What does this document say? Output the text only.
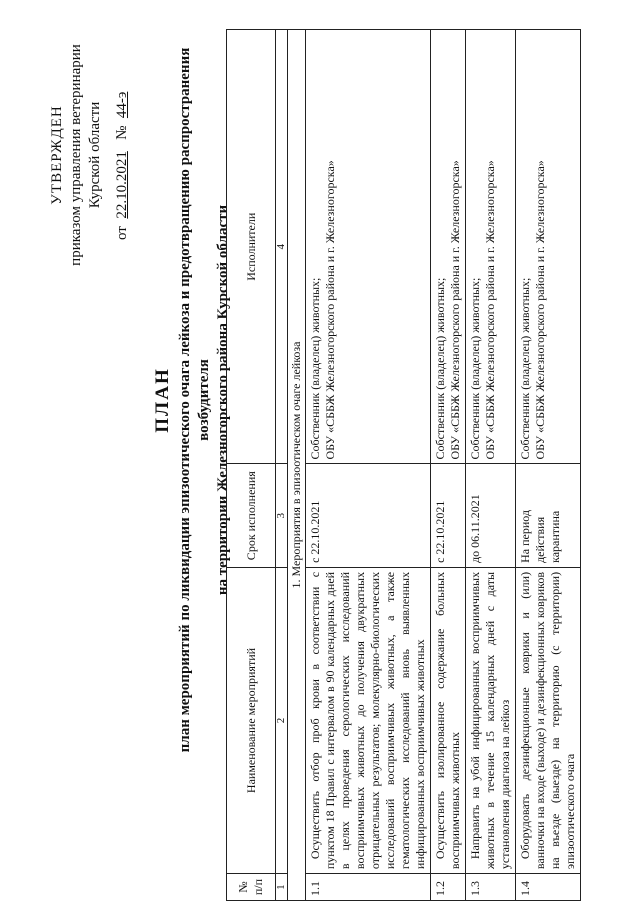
УТВЕРЖДЕН приказом управления ветеринарии Курской области
от  22.10.2021   №  44-э
ПЛАН план мероприятий по ликвидации эпизоотического очага лейкоза и предотвращению распространения возбудителя на территории Железногорского района Курской области
№ п/п	Наименование мероприятий	Срок исполнения	Исполнители
1	2	3	4
1. Мероприятия в эпизоотическом очаге лейкоза			
1.1	Осуществить отбор проб крови в соответствии с пунктом 18 Правил с интервалом в 90 календарных дней в целях проведения серологических исследований восприимчивых животных до получения двукратных отрицательных результатов; молекулярно-биологических исследований восприимчивых животных, а также гематологических исследований вновь выявленных инфицированных восприимчивых животных	с 22.10.2021	Собственник (владелец) животных; ОБУ «СББЖ Железногорского района и г. Железногорска»

1.2	Осуществить изолированное содержание больных восприимчивых животных	с 22.10.2021	Собственник (владелец) животных; ОБУ «СББЖ Железногорского района и г. Железногорска»

1.3	Направить на убой инфицированных восприимчивых животных в течение 15 календарных дней с даты установления диагноза на лейкоз	до 06.11.2021	Собственник (владелец) животных; ОБУ «СББЖ Железногорского района и г. Железногорска»

1.4	Оборудовать дезинфекционные коврики и (или) ванночки на входе (выходе) и дезинфекционных ковриков на въезде (выезде) на территорию (с территории) эпизоотического очага	На период действия карантина	Собственник (владелец) животных; ОБУ «СББЖ Железногорского района и г. Железногорска»
